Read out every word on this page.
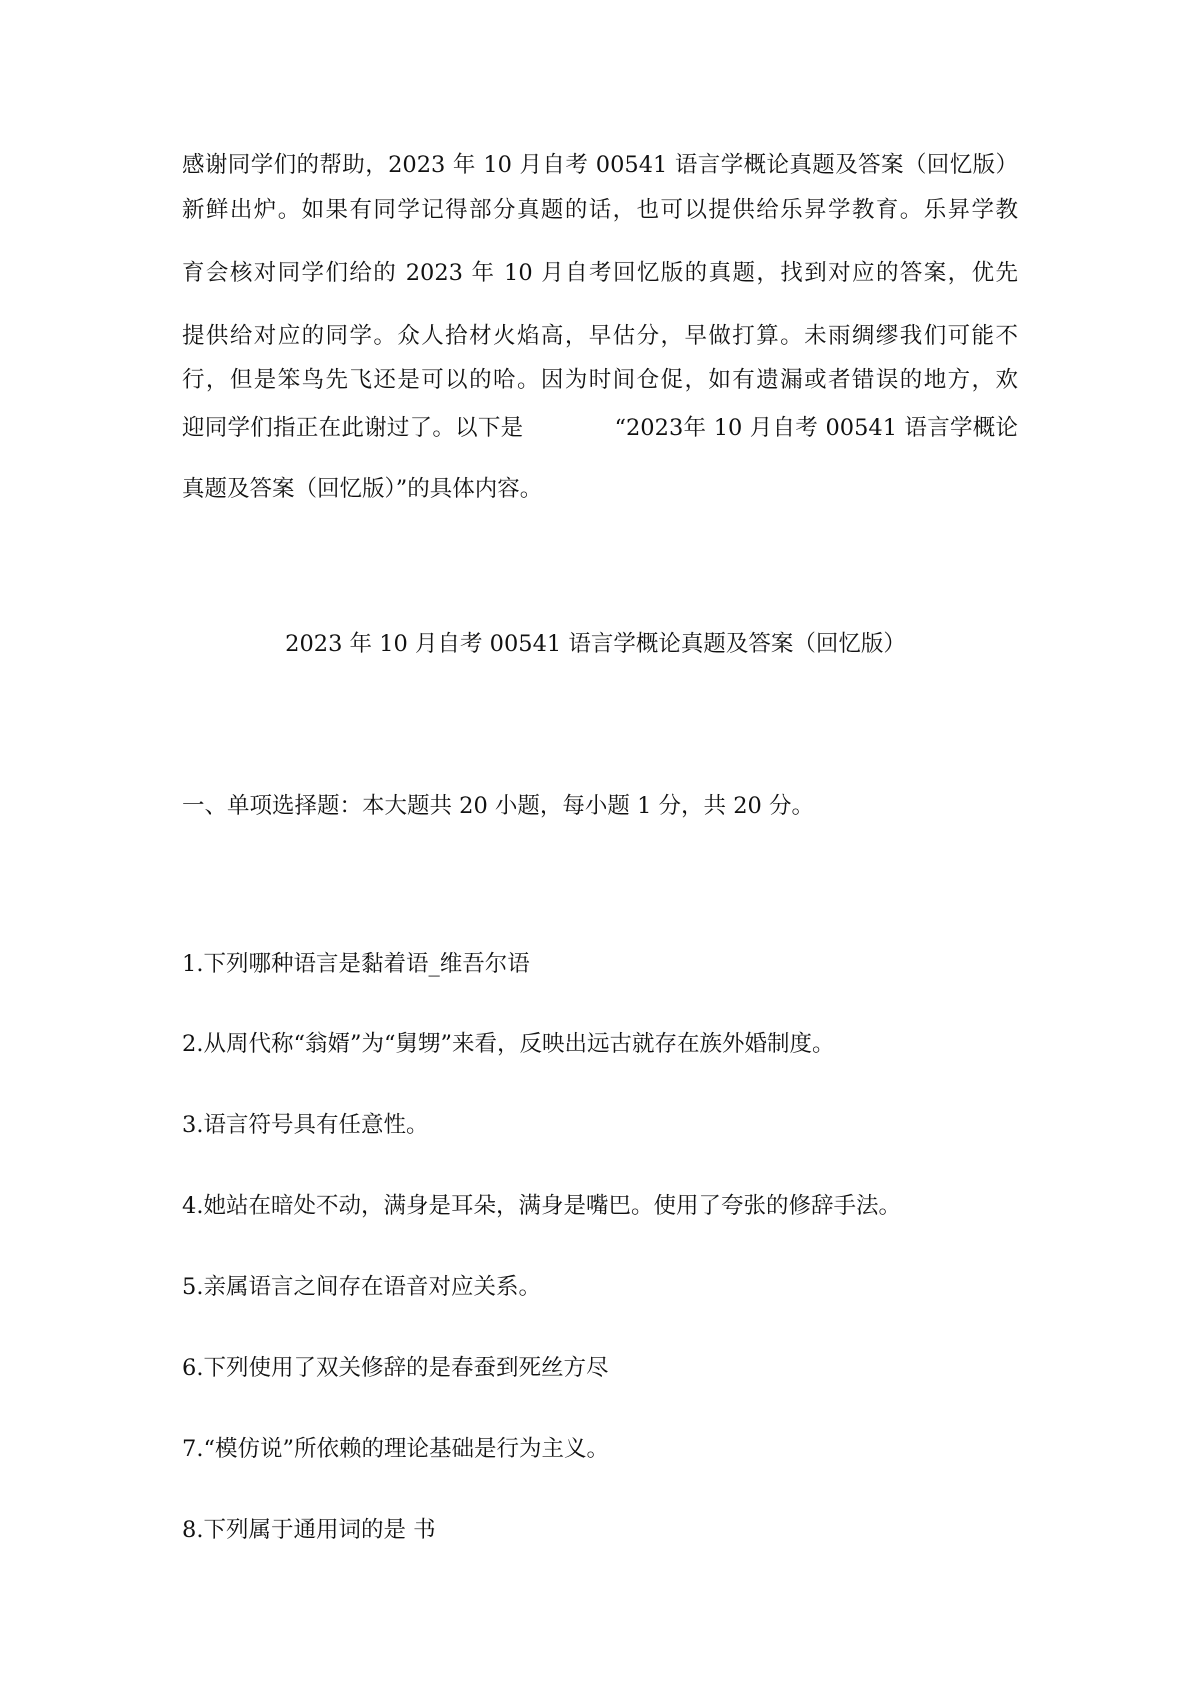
感谢同学们的帮助，2023 年 10 月自考 00541 语言学概论真题及答案（回忆版）
新鲜出炉。如果有同学记得部分真题的话，也可以提供给乐昇学教育。乐昇学教
育会核对同学们给的 2023 年 10 月自考回忆版的真题，找到对应的答案，优先
提供给对应的同学。众人拾材火焰高，早估分，早做打算。未雨绸缪我们可能不
行，但是笨鸟先飞还是可以的哈。因为时间仓促，如有遗漏或者错误的地方，欢
迎同学们指正在此谢过了。以下是　　　　“2023年 10 月自考 00541 语言学概论
真题及答案（回忆版）”的具体内容。
2023 年 10 月自考 00541 语言学概论真题及答案（回忆版）
一、单项选择题：本大题共 20 小题，每小题 1 分，共 20 分。
1.下列哪种语言是黏着语_维吾尔语
2.从周代称“翁婿”为“舅甥”来看，反映出远古就存在族外婚制度。
3.语言符号具有任意性。
4.她站在暗处不动，满身是耳朵，满身是嘴巴。使用了夸张的修辞手法。
5.亲属语言之间存在语音对应关系。
6.下列使用了双关修辞的是春蚕到死丝方尽
7.“模仿说”所依赖的理论基础是行为主义。
8.下列属于通用词的是 书
